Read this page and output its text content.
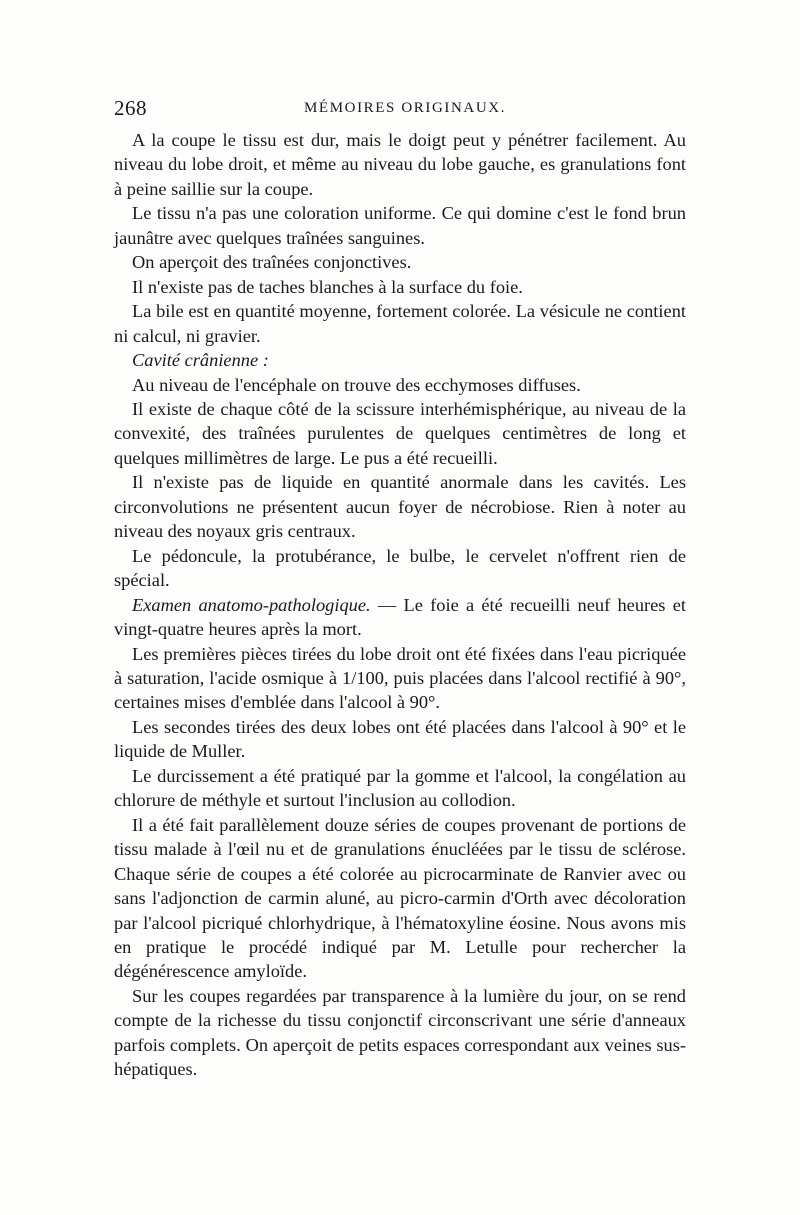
268	MÉMOIRES ORIGINAUX.

A la coupe le tissu est dur, mais le doigt peut y pénétrer facilement. Au niveau du lobe droit, et même au niveau du lobe gauche, es granulations font à peine saillie sur la coupe.

Le tissu n'a pas une coloration uniforme. Ce qui domine c'est le fond brun jaunâtre avec quelques traînées sanguines.

On aperçoit des traînées conjonctives.

Il n'existe pas de taches blanches à la surface du foie.

La bile est en quantité moyenne, fortement colorée. La vésicule ne contient ni calcul, ni gravier.

Cavité crânienne :

Au niveau de l'encéphale on trouve des ecchymoses diffuses.

Il existe de chaque côté de la scissure interhémisphérique, au niveau de la convexité, des traînées purulentes de quelques centimètres de long et quelques millimètres de large. Le pus a été recueilli.

Il n'existe pas de liquide en quantité anormale dans les cavités. Les circonvolutions ne présentent aucun foyer de nécrobiose. Rien à noter au niveau des noyaux gris centraux.

Le pédoncule, la protubérance, le bulbe, le cervelet n'offrent rien de spécial.

Examen anatomo-pathologique. — Le foie a été recueilli neuf heures et vingt-quatre heures après la mort.

Les premières pièces tirées du lobe droit ont été fixées dans l'eau picriquée à saturation, l'acide osmique à 1/100, puis placées dans l'alcool rectifié à 90°, certaines mises d'emblée dans l'alcool à 90°.

Les secondes tirées des deux lobes ont été placées dans l'alcool à 90° et le liquide de Muller.

Le durcissement a été pratiqué par la gomme et l'alcool, la congélation au chlorure de méthyle et surtout l'inclusion au collodion.

Il a été fait parallèlement douze séries de coupes provenant de portions de tissu malade à l'œil nu et de granulations énucléées par le tissu de sclérose. Chaque série de coupes a été colorée au picrocarminate de Ranvier avec ou sans l'adjonction de carmin aluné, au picro-carmin d'Orth avec décoloration par l'alcool picriqué chlorhydrique, à l'hématoxyline éosine. Nous avons mis en pratique le procédé indiqué par M. Letulle pour rechercher la dégénérescence amyloïde.

Sur les coupes regardées par transparence à la lumière du jour, on se rend compte de la richesse du tissu conjonctif circonscrivant une série d'anneaux parfois complets. On aperçoit de petits espaces correspondant aux veines sus-hépatiques.
